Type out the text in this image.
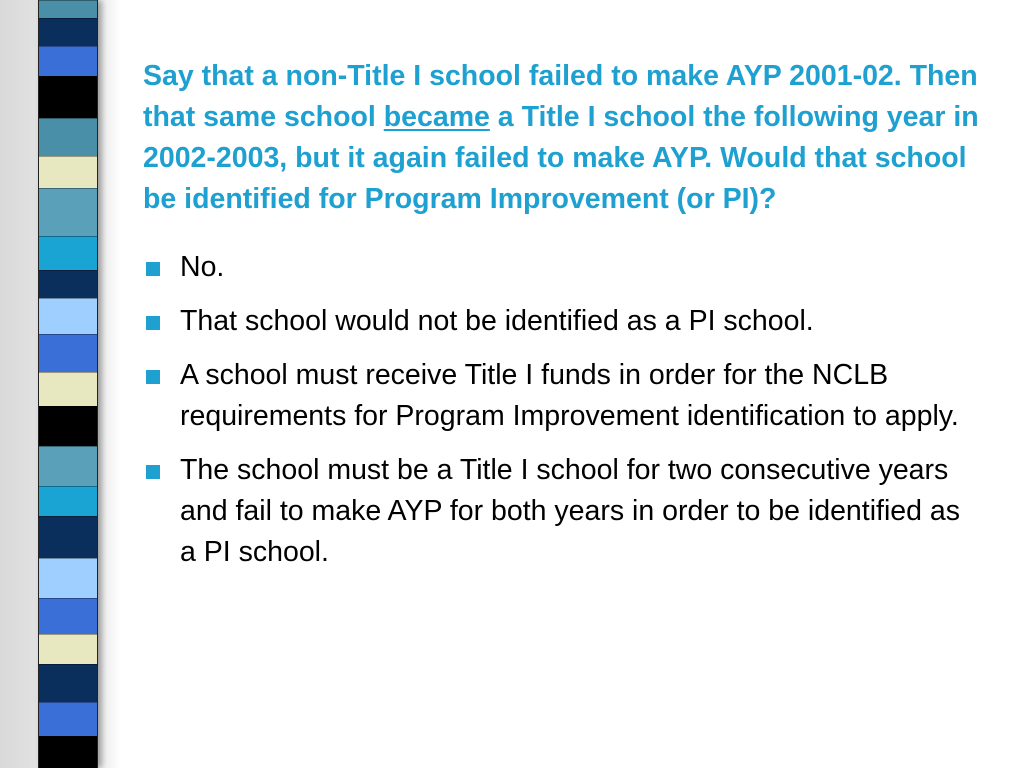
Say that a non-Title I school failed to make AYP 2001-02. Then that same school became a Title I school the following year in 2002-2003, but it again failed to make AYP. Would that school be identified for Program Improvement (or PI)?

No.
That school would not be identified as a PI school.
A school must receive Title I funds in order for the NCLB requirements for Program Improvement identification to apply.
The school must be a Title I school for two consecutive years and fail to make AYP for both years in order to be identified as a PI school.
